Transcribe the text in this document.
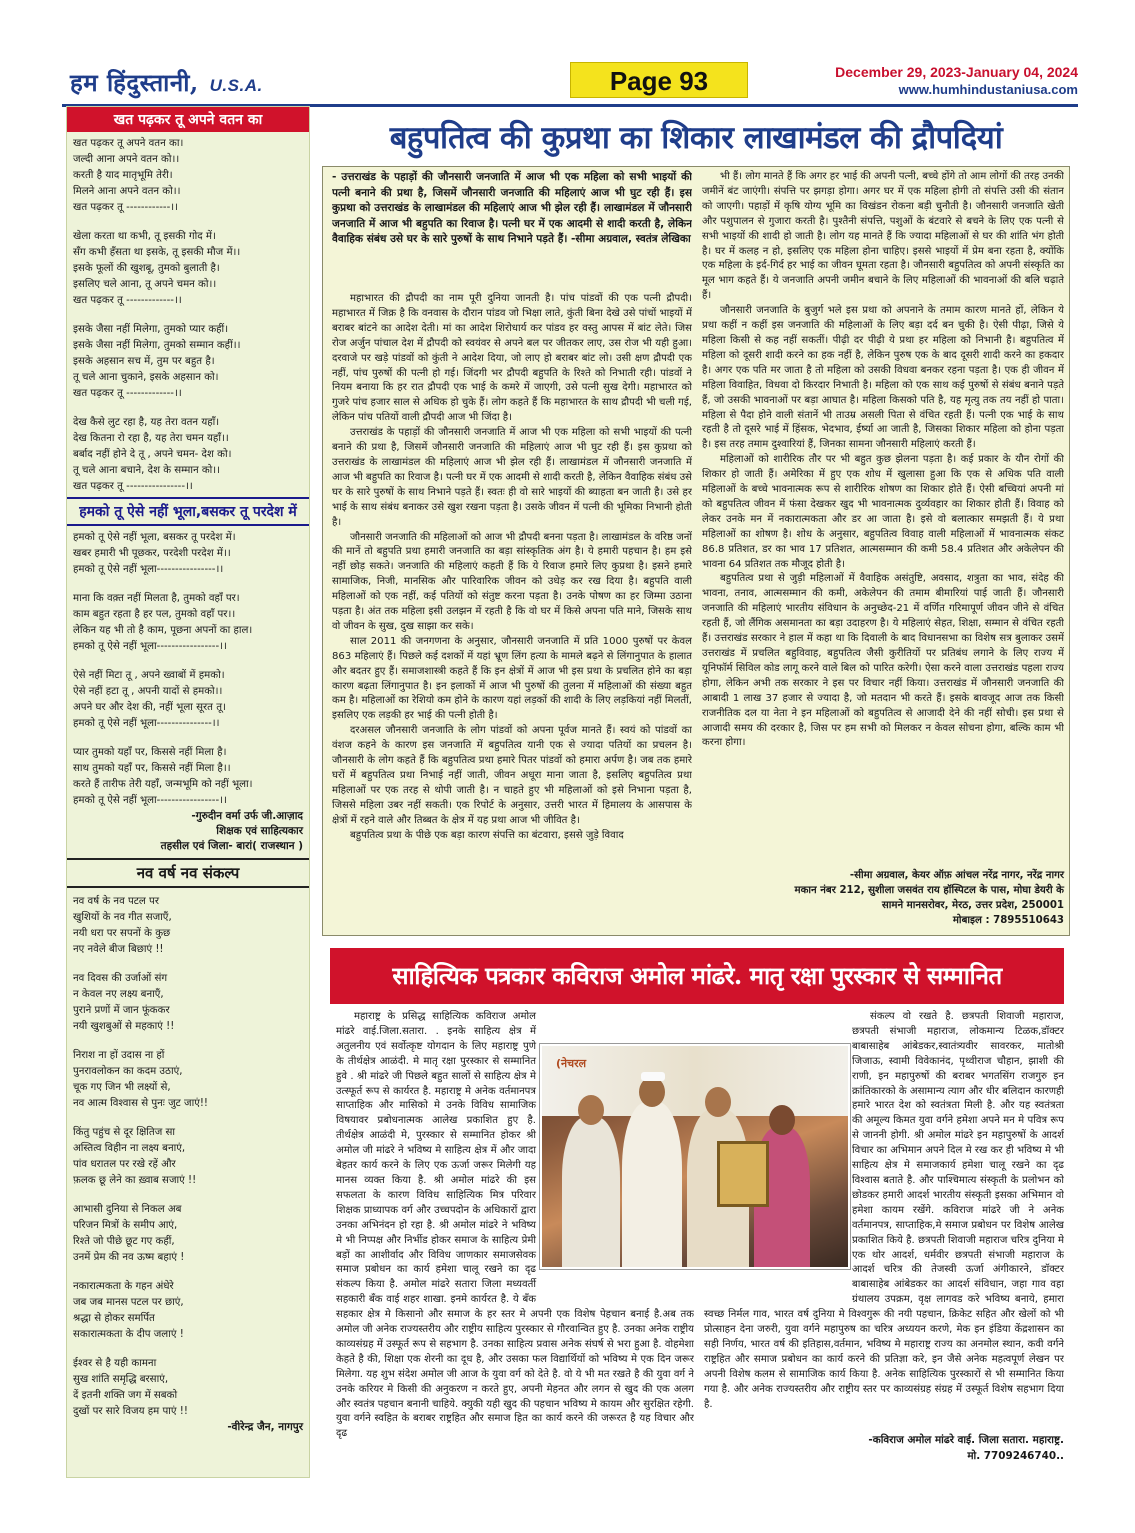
हम हिंदुस्तानी, U.S.A.	Page 93	December 29, 2023-January 04, 2024
www.humhindustaniusa.com
खत पढ़कर तू अपने वतन का
खत पढ़कर तू अपने वतन का।
जल्दी आना अपने वतन को।।
करती है याद मातृभूमि तेरी।
मिलने आना अपने वतन को।।
खत पढ़कर तू ------------।।
खेला करता था कभी, तू इसकी गोद में।
सँग कभी हँसता था इसके, तू इसकी मौज में।।
इसके फूलों की खुशबू, तुमको बुलाती है।
इसलिए चले आना, तू अपने चमन को।।
खत पढ़कर तू -------------।।
इसके जैसा नहीं मिलेगा, तुमको प्यार कहीं।
इसके जैसा नहीं मिलेगा, तुमको सम्मान कहीं।।
इसके अहसान सच में, तुम पर बहुत है।
तू चले आना चुकाने, इसके अहसान को।
खत पढ़कर तू -------------।।
देख कैसे लुट रहा है, यह तेरा वतन यहाँ।
देख कितना रो रहा है, यह तेरा चमन यहाँ।।
बर्बाद नहीं होने दे तू , अपने चमन- देश को।
तू चले आना बचाने, देश के सम्मान को।।
खत पढ़कर तू ----------------।।
हमको तू ऐसे नहीं भूला,बसकर तू परदेश में
हमको तू ऐसे नहीं भूला, बसकर तू परदेश में।
खबर हमारी भी पूछकर, परदेशी परदेश में।।
हमको तू ऐसे नहीं भूला----------------।।
माना कि वक़्त नहीं मिलता है, तुमको वहाँ पर।
काम बहुत रहता है हर पल, तुमको वहाँ पर।।
लेकिन यह भी तो है काम, पूछना अपनों का हाल।
हमको तू ऐसे नहीं भूला-----------------।।
ऐसे नहीं मिटा तू , अपने ख्वाबों में हमको।
ऐसे नहीं हटा तू , अपनी यादों से हमको।।
अपने घर और देश की, नहीं भूला सूरत तू।
हमको तू ऐसे नहीं भूला---------------।।
प्यार तुमको यहाँ पर, किससे नहीं मिला है।
साथ तुमको यहाँ पर, किससे नहीं मिला है।।
करते हैं तारीफ तेरी यहाँ, जन्मभूमि को नहीं भूला।
हमको तू ऐसे नहीं भूला-----------------।।
-गुरुदीन वर्मा उर्फ जी.आज़ाद
शिक्षक एवं साहित्यकार
तहसील एवं जिला- बारां( राजस्थान )
नव वर्ष नव संकल्प
नव वर्ष के नव पटल पर
खुशियों के नव गीत सजाएँ,
नयी धरा पर सपनों के कुछ
नए नवेले बीज बिछाएं !!
नव दिवस की उर्जाओं संग
न केवल नए लक्ष्य बनाएँ,
पुराने प्रणों में जान फूंककर
नयी खुशबुओं से महकाएं !!
निराश ना हों उदास ना हों
पुनरावलोकन का कदम उठाएं,
चूक गए जिन भी लक्ष्यों से,
नव आत्म विश्वास से पुनः जुट जाएं!!
किंतु पहुंच से दूर क्षितिज सा
अस्तित्व विहीन ना लक्ष्य बनाएं,
पांव धरातल पर रखे रहें और
फ़लक छू लेने का ख़्वाब सजाएं !!
आभासी दुनिया से निकल अब
परिजन मित्रों के समीप आएं,
रिश्ते जो पीछे छूट गए कहीं,
उनमें प्रेम की नव ऊष्म बहाएं !
नकारात्मकता के गहन अंधेरे
जब जब मानस पटल पर छाएं,
श्रद्धा से होकर समर्पित
सकारात्मकता के दीप जलाएं !
ईश्वर से है यही कामना
सुख शांति समृद्धि बरसाएं,
दें इतनी शक्ति जग में सबको
दुखों पर सारे विजय हम पाएं !!
-वीरेन्द्र जैन, नागपुर
बहुपतित्व की कुप्रथा का शिकार लाखामंडल की द्रौपदियां
- उत्तराखंड के पहाड़ों की जौनसारी जनजाति में आज भी एक महिला को सभी भाइयों की पत्नी बनाने की प्रथा है, जिसमें जौनसारी जनजाति की महिलाएं आज भी घुट रही हैं। इस कुप्रथा को उत्तराखंड के लाखामंडल की महिलाएं आज भी झेल रही हैं। लाखामंडल में जौनसारी जनजाति में आज भी बहुपति का रिवाज है। पत्नी घर में एक आदमी से शादी करती है, लेकिन वैवाहिक संबंध उसे घर के सारे पुरुषों के साथ निभाने पड़ते हैं। -सीमा अग्रवाल, स्वतंत्र लेखिका

महाभारत की द्रौपदी का नाम पूरी दुनिया जानती है। पांच पांडवों की एक पत्नी द्रौपदी। महाभारत में जिक्र है कि वनवास के दौरान पांडव जो भिक्षा लाते, कुंती बिना देखे उसे पांचों भाइयों में बराबर बांटने का आदेश देती। मां का आदेश शिरोधार्य कर पांडव हर वस्तु आपस में बांट लेते। जिस रोज अर्जुन पांचाल देश में द्रौपदी को स्वयंवर से अपने बल पर जीतकर लाए, उस रोज भी यही हुआ। दरवाजे पर खड़े पांडवों को कुंती ने आदेश दिया, जो लाए हो बराबर बांट लो। उसी क्षण द्रौपदी एक नहीं, पांच पुरुषों की पत्नी हो गई। जिंदगी भर द्रौपदी बहुपति के रिश्ते को निभाती रही। पांडवों ने नियम बनाया कि हर रात द्रौपदी एक भाई के कमरे में जाएगी, उसे पत्नी सुख देगी। महाभारत को गुजरे पांच हजार साल से अधिक हो चुके हैं। लोग कहते हैं कि महाभारत के साथ द्रौपदी भी चली गई, लेकिन पांच पतियों वाली द्रौपदी आज भी जिंदा है।

उत्तराखंड के पहाड़ों की जौनसारी जनजाति में आज भी एक महिला को सभी भाइयों की पत्नी बनाने की प्रथा है, जिसमें जौनसारी जनजाति की महिलाएं आज भी घुट रही हैं। इस कुप्रथा को उत्तराखंड के लाखामंडल की महिलाएं आज भी झेल रही हैं। लाखामंडल में जौनसारी जनजाति में आज भी बहुपति का रिवाज है। पत्नी घर में एक आदमी से शादी करती है, लेकिन वैवाहिक संबंध उसे घर के सारे पुरुषों के साथ निभाने पड़ते हैं। स्वतः ही वो सारे भाइयों की ब्याहता बन जाती है। उसे हर भाई के साथ संबंध बनाकर उसे खुश रखना पड़ता है। उसके जीवन में पत्नी की भूमिका निभानी होती है।

जौनसारी जनजाति की महिलाओं को आज भी द्रौपदी बनना पड़ता है। लाखामंडल के वरिष्ठ जनों की मानें तो बहुपति प्रथा हमारी जनजाति का बड़ा सांस्कृतिक अंग है। ये हमारी पहचान है। हम इसे नहीं छोड़ सकते। जनजाति की महिलाएं कहती हैं कि ये रिवाज हमारे लिए कुप्रथा है। इसने हमारे सामाजिक, निजी, मानसिक और पारिवारिक जीवन को उधेड़ कर रख दिया है। बहुपति वाली महिलाओं को एक नहीं, कई पतियों को संतुष्ट करना पड़ता है। उनके पोषण का हर जिम्मा उठाना पड़ता है। अंत तक महिला इसी उलझन में रहती है कि वो घर में किसे अपना पति माने, जिसके साथ वो जीवन के सुख, दुख साझा कर सके।

साल 2011 की जनगणना के अनुसार, जौनसारी जनजाति में प्रति 1000 पुरुषों पर केवल 863 महिलाएं हैं। पिछले कई दशकों में यहां भ्रूण लिंग हत्या के मामले बढ़ने से लिंगानुपात के हालात और बदतर हुए हैं। समाजशास्त्री कहते हैं कि इन क्षेत्रों में आज भी इस प्रथा के प्रचलित होने का बड़ा कारण बढ़ता लिंगानुपात है। इन इलाकों में आज भी पुरुषों की तुलना में महिलाओं की संख्या बहुत कम है। महिलाओं का रेशियो कम होने के कारण यहां लड़कों की शादी के लिए लड़कियां नहीं मिलतीं, इसलिए एक लड़की हर भाई की पत्नी होती है।

दरअसल जौनसारी जनजाति के लोग पांडवों को अपना पूर्वज मानते हैं। स्वयं को पांडवों का वंशज कहने के कारण इस जनजाति में बहुपतित्व यानी एक से ज्यादा पतियों का प्रचलन है। जौनसारी के लोग कहते हैं कि बहुपतित्व प्रथा हमारे पितर पांडवों को हमारा अर्पण है। जब तक हमारे घरों में बहुपतित्व प्रथा निभाई नहीं जाती, जीवन अधूरा माना जाता है, इसलिए बहुपतित्व प्रथा महिलाओं पर एक तरह से थोपी जाती है। न चाहते हुए भी महिलाओं को इसे निभाना पड़ता है, जिससे महिला उबर नहीं सकती। एक रिपोर्ट के अनुसार, उत्तरी भारत में हिमालय के आसपास के क्षेत्रों में रहने वाले और तिब्बत के क्षेत्र में यह प्रथा आज भी जीवित है।

बहुपतित्व प्रथा के पीछे एक बड़ा कारण संपत्ति का बंटवारा, इससे जुड़े विवाद

भी हैं। लोग मानते हैं कि अगर हर भाई की अपनी पत्नी, बच्चे होंगे तो आम लोगों की तरह उनकी जमीनें बंट जाएंगी। संपत्ति पर झगड़ा होगा। अगर घर में एक महिला होगी तो संपत्ति उसी की संतान को जाएगी। पहाड़ों में कृषि योग्य भूमि का विखंडन रोकना बड़ी चुनौती है। जौनसारी जनजाति खेती और पशुपालन से गुजारा करती है। पुश्तैनी संपत्ति, पशुओं के बंटवारे से बचने के लिए एक पत्नी से सभी भाइयों की शादी हो जाती है। लोग यह मानते हैं कि ज्यादा महिलाओं से घर की शांति भंग होती है। घर में कलह न हो, इसलिए एक महिला होना चाहिए। इससे भाइयों में प्रेम बना रहता है, क्योंकि एक महिला के इर्द-गिर्द हर भाई का जीवन घूमता रहता है। जौनसारी बहुपतित्व को अपनी संस्कृति का मूल भाग कहते हैं। ये जनजाति अपनी जमीन बचाने के लिए महिलाओं की भावनाओं की बलि चढ़ाते हैं।

जौनसारी जनजाति के बुजुर्ग भले इस प्रथा को अपनाने के तमाम कारण मानते हों, लेकिन ये प्रथा कहीं न कहीं इस जनजाति की महिलाओं के लिए बड़ा दर्द बन चुकी है। ऐसी पीढ़ा, जिसे ये महिला किसी से कह नहीं सकतीं। पीढ़ी दर पीढ़ी ये प्रथा हर महिला को निभानी है। बहुपतित्व में महिला को दूसरी शादी करने का हक नहीं है, लेकिन पुरुष एक के बाद दूसरी शादी करने का हकदार है। अगर एक पति मर जाता है तो महिला को उसकी विधवा बनकर रहना पड़ता है। एक ही जीवन में महिला विवाहित, विधवा दो किरदार निभाती है। महिला को एक साथ कई पुरुषों से संबंध बनाने पड़ते हैं, जो उसकी भावनाओं पर बड़ा आघात है। महिला किसको पति है, यह मृत्यु तक तय नहीं हो पाता। महिला से पैदा होने वाली संतानें भी ताउम्र असली पिता से वंचित रहती हैं। पत्नी एक भाई के साथ रहती है तो दूसरे भाई में हिंसक, भेदभाव, ईर्ष्या आ जाती है, जिसका शिकार महिला को होना पड़ता है। इस तरह तमाम दुश्वारियां हैं, जिनका सामना जौनसारी महिलाएं करती हैं।

महिलाओं को शारीरिक तौर पर भी बहुत कुछ झेलना पड़ता है। कई प्रकार के यौन रोगों की शिकार हो जाती हैं। अमेरिका में हुए एक शोध में खुलासा हुआ कि एक से अधिक पति वाली महिलाओं के बच्चे भावनात्मक रूप से शारीरिक शोषण का शिकार होते हैं। ऐसी बच्चियां अपनी मां को बहुपतित्व जीवन में फंसा देखकर खुद भी भावनात्मक दुर्व्यवहार का शिकार होती हैं। विवाह को लेकर उनके मन में नकारात्मकता और डर आ जाता है। इसे वो बलात्कार समझती हैं। ये प्रथा महिलाओं का शोषण है। शोध के अनुसार, बहुपतित्व विवाह वाली महिलाओं में भावनात्मक संकट 86.8 प्रतिशत, डर का भाव 17 प्रतिशत, आत्मसम्मान की कमी 58.4 प्रतिशत और अकेलेपन की भावना 64 प्रतिशत तक मौजूद होती है।

बहुपतित्व प्रथा से जुड़ी महिलाओं में वैवाहिक असंतुष्टि, अवसाद, शत्रुता का भाव, संदेह की भावना, तनाव, आत्मसम्मान की कमी, अकेलेपन की तमाम बीमारियां पाई जाती हैं। जौनसारी जनजाति की महिलाएं भारतीय संविधान के अनुच्छेद-21 में वर्णित गरिमापूर्ण जीवन जीने से वंचित रहती हैं, जो लैंगिक असमानता का बड़ा उदाहरण है। ये महिलाएं सेहत, शिक्षा, सम्मान से वंचित रहती हैं। उत्तराखंड सरकार ने हाल में कहा था कि दिवाली के बाद विधानसभा का विशेष सत्र बुलाकर उसमें उत्तराखंड में प्रचलित बहुविवाह, बहुपतित्व जैसी कुरीतियों पर प्रतिबंध लगाने के लिए राज्य में यूनिफॉर्म सिविल कोड लागू करने वाले बिल को पारित करेगी। ऐसा करने वाला उत्तराखंड पहला राज्य होगा, लेकिन अभी तक सरकार ने इस पर विचार नहीं किया। उत्तराखंड में जौनसारी जनजाति की आबादी 1 लाख 37 हजार से ज्यादा है, जो मतदान भी करते हैं। इसके बावजूद आज तक किसी राजनीतिक दल या नेता ने इन महिलाओं को बहुपतित्व से आजादी देने की नहीं सोची। इस प्रथा से आजादी समय की दरकार है, जिस पर हम सभी को मिलकर न केवल सोचना होगा, बल्कि काम भी करना होगा।

-सीमा अग्रवाल, केयर ऑफ़ आंचल नरेंद्र नागर, नरेंद्र नागर
मकान नंबर 212, सुशीला जसवंत राय हॉस्पिटल के पास, मोघा डेयरी के
सामने मानसरोवर, मेरठ, उत्तर प्रदेश, 250001
मोबाइल : 7895510643
साहित्यिक पत्रकार कविराज अमोल मांढरे. मातृ रक्षा पुरस्कार से सम्मानित

महाराष्ट्र के प्रसिद्ध साहित्यिक कविराज अमोल मांढरे वाई.जिला.सतारा. . इनके साहित्य क्षेत्र में अतुलनीय एवं सर्वोत्कृष्ट योगदान के लिए महाराष्ट्र पुणे के तीर्थक्षेत्र आळंदी. मे मातृ रक्षा पुरस्कार से सम्मानित हुवे . श्री मांढरे जी पिछले बहुत सालों से साहित्य क्षेत्र मे उत्स्फूर्त रूप से कार्यरत है. महाराष्ट्र मे अनेक वर्तमानपत्र साप्ताहिक और मासिको मे उनके विविध सामाजिक विषयावर प्रबोधनात्मक आलेख प्रकाशित हुए है. तीर्थक्षेत्र आळंदी मे, पुरस्कार से सम्मानित होकर श्री अमोल जी मांढरे ने भविष्य मे साहित्य क्षेत्र में और जादा बेहतर कार्य करने के लिए एक ऊर्जा जरूर मिलेगी यह मानस व्यक्त किया है. श्री अमोल मांढरे की इस सफलता के कारण विविध साहित्यिक मित्र परिवार शिक्षक प्राध्यापक वर्ग और उच्चपदोन के अधिकारों द्वारा उनका अभिनंदन हो रहा है. श्री अमोल मांढरे ने भविष्य मे भी निप्पक्ष और निर्भीड होकर समाज के साहित्य प्रेमी बड़ों का आशीर्वाद और विविध जाणकार समाजसेवक समाज प्रबोधन का कार्य हमेशा चालू रखने का दृढ संकल्प किया है. अमोल मांढरे सतारा जिला मध्यवर्ती सहकारी बँक वाई शहर शाखा. इनमे कार्यरत है. ये बँक सहकार क्षेत्र मे किसानो और समाज के हर स्तर मे अपनी एक विशेष पेहचान बनाई है.अब तक अमोल जी अनेक राज्यस्तरीय और राष्ट्रीय साहित्य पुरस्कार से गौरवान्वित हुए है. उनका अनेक राष्ट्रीय काव्यसंग्रह में उस्फूर्त रूप से सहभाग है. उनका साहित्य प्रवास अनेक संघर्ष से भरा हुआ है. वोहमेशा केहते है की, शिक्षा एक शेरनी का दूध है, और उसका फल विद्यार्थियों को भविष्य मे एक दिन जरूर मिलेगा. यह शुभ संदेश अमोल जी आज के युवा वर्ग को देते है. वो ये भी मत रखते है की युवा वर्ग ने उनके करियर मे किसी की अनुकरण न करते हुए, अपनी मेहनत और लगन से खुद की एक अलग और स्वतंत्र पहचान बनानी चाहिये. क्युकी यही खुद की पहचान भविष्य मे कायम और सुरक्षित रहेगी. युवा वर्गने स्वहित के बराबर राष्ट्रहित और समाज हित का कार्य करने की जरूरत है यह विचार और दृढ

संकल्प वो रखते है. छत्रपती शिवाजी महाराज, छत्रपती संभाजी महाराज, लोकमान्य टिळक,डॉक्टर बाबासाहेब आंबेडकर,स्वातंत्र्यवीर सावरकर, मातोश्री जिजाऊ, स्वामी विवेकानंद, पृथ्वीराज चौहान, झाशी की राणी, इन महापुरुषों की बराबर भगतसिंग राजगुरु इन क्रांतिकारको के असामान्य त्याग और धीर बलिदान कारणही हमारे भारत देश को स्वतंत्रता मिली है. और यह स्वतंत्रता की अमूल्य किमत युवा वर्गने हमेशा अपने मन मे पवित्र रूप से जाननी होगी. श्री अमोल मांढरे इन महापुरुषों के आदर्श विचार का अभिमान अपने दिल मे रख कर ही भविष्य मे भी साहित्य क्षेत्र मे समाजकार्य हमेशा चालू रखने का दृढ विश्वास बताते है. और पाश्चिमात्य संस्कृती के प्रलोभन को छोडकर हमारी आदर्श भारतीय संस्कृती इसका अभिमान वो हमेशा कायम रखेंगे. कविराज मांढरे जी ने अनेक वर्तमानपत्र, साप्ताहिक,मे समाज प्रबोधन पर विशेष आलेख प्रकाशित किये है. छत्रपती शिवाजी महाराज चरित्र दुनिया मे एक थोर आदर्श, धर्मवीर छत्रपती संभाजी महाराज के आदर्श चरित्र की तेजस्वी ऊर्जा अंगीकारने, डॉक्टर बाबासाहेब आंबेडकर का आदर्श संविधान, जहा गाव वहा ग्रंथालय उपक्रम, वृक्ष लागवड करे भविष्य बनाये, हमारा स्वच्छ निर्मल गाव, भारत वर्ष दुनिया मे विश्वगुरू की नयी पहचान, क्रिकेट सहित और खेलों को भी प्रोत्साहन देना जरुरी, युवा वर्गने महापुरुष का चरित्र अध्ययन करणे, मेक इन इंडिया केंद्रशासन का सही निर्णय, भारत वर्ष की इतिहास,वर्तमान, भविष्य मे महाराष्ट्र राज्य का अनमोल स्थान, कवी वर्गने राष्ट्रहित और समाज प्रबोधन का कार्य करने की प्रतिज्ञा करे, इन जैसे अनेक महत्वपूर्ण लेखन पर अपनी विशेष कलम से सामाजिक कार्य किया है. अनेक साहित्यिक पुरस्कारों से भी सम्मानित किया गया है. और अनेक राज्यस्तरीय और राष्ट्रीय स्तर पर काव्यसंग्रह संग्रह में उस्फूर्त विशेष सहभाग दिया है.

(नेचरल
-कविराज अमोल मांढरे वाई. जिला सतारा. महाराष्ट्र.
मो. 7709246740..
